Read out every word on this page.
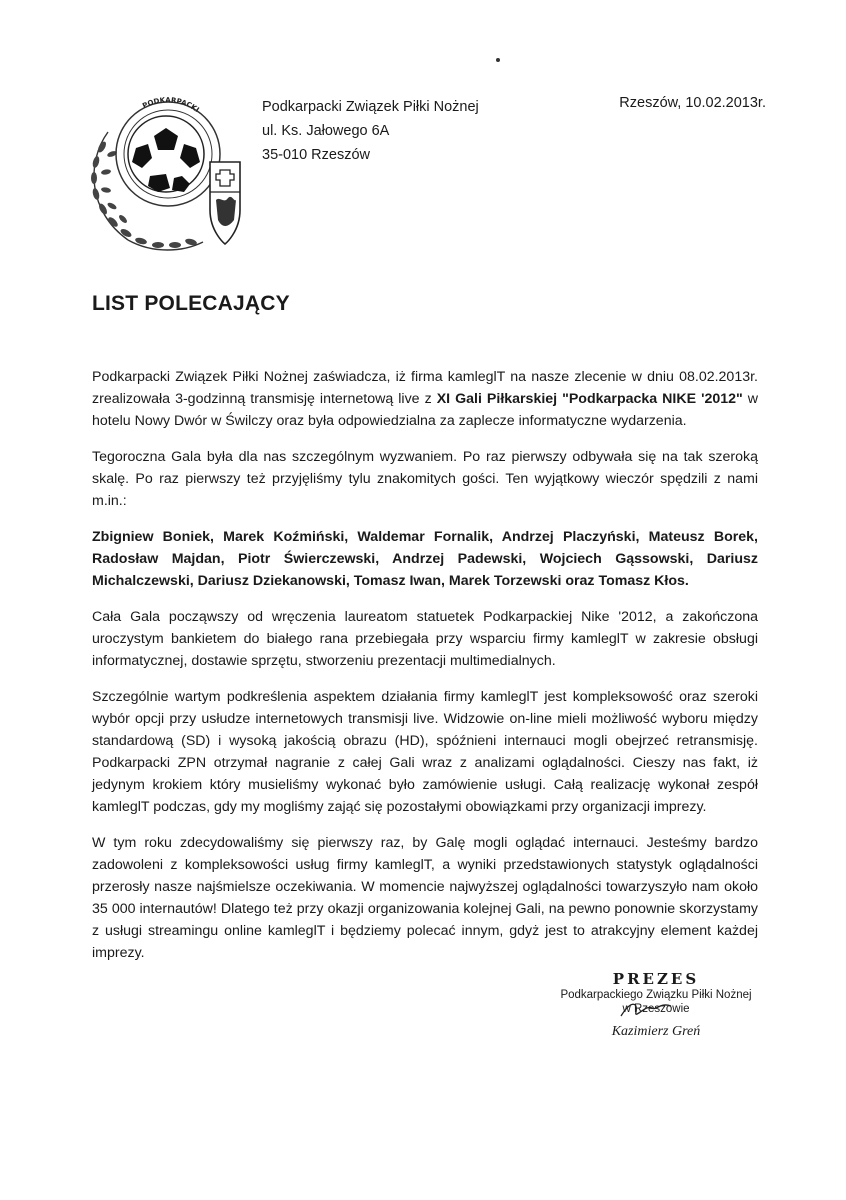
PODKARPACKI	Podkarpacki Związek Piłki Nożnej
ul. Ks. Jałowego 6A
35-010 Rzeszów
Rzeszów, 10.02.2013r.
LIST POLECAJĄCY

Podkarpacki Związek Piłki Nożnej zaświadcza, iż firma kamleglT na nasze zlecenie w dniu 08.02.2013r. zrealizowała 3-godzinną transmisję internetową live z XI Gali Piłkarskiej "Podkarpacka NIKE '2012" w hotelu Nowy Dwór w Świlczy oraz była odpowiedzialna za zaplecze informatyczne wydarzenia.

Tegoroczna Gala była dla nas szczególnym wyzwaniem. Po raz pierwszy odbywała się na tak szeroką skalę. Po raz pierwszy też przyjęliśmy tylu znakomitych gości. Ten wyjątkowy wieczór spędzili z nami m.in.:

Zbigniew Boniek, Marek Koźmiński, Waldemar Fornalik, Andrzej Placzyński, Mateusz Borek, Radosław Majdan, Piotr Świerczewski, Andrzej Padewski, Wojciech Gąssowski, Dariusz Michalczewski, Dariusz Dziekanowski, Tomasz Iwan, Marek Torzewski oraz Tomasz Kłos.

Cała Gala począwszy od wręczenia laureatom statuetek Podkarpackiej Nike '2012, a zakończona uroczystym bankietem do białego rana przebiegała przy wsparciu firmy kamleglT w zakresie obsługi informatycznej, dostawie sprzętu, stworzeniu prezentacji multimedialnych.

Szczególnie wartym podkreślenia aspektem działania firmy kamleglT jest kompleksowość oraz szeroki wybór opcji przy usłudze internetowych transmisji live. Widzowie on-line mieli możliwość wyboru między standardową (SD) i wysoką jakością obrazu (HD), spóźnieni internauci mogli obejrzeć retransmisję. Podkarpacki ZPN otrzymał nagranie z całej Gali wraz z analizami oglądalności. Cieszy nas fakt, iż jedynym krokiem który musieliśmy wykonać było zamówienie usługi. Całą realizację wykonał zespół kamleglT podczas, gdy my mogliśmy zająć się pozostałymi obowiązkami przy organizacji imprezy.

W tym roku zdecydowaliśmy się pierwszy raz, by Galę mogli oglądać internauci. Jesteśmy bardzo zadowoleni z kompleksowości usług firmy kamleglT, a wyniki przedstawionych statystyk oglądalności przerosły nasze najśmielsze oczekiwania. W momencie najwyższej oglądalności towarzyszyło nam około 35 000 internautów! Dlatego też przy okazji organizowania kolejnej Gali, na pewno ponownie skorzystamy z usługi streamingu online kamleglT i będziemy polecać innym, gdyż jest to atrakcyjny element każdej imprezy.

PREZES
Podkarpackiego Związku Piłki Nożnej
w Rzeszowie
Kazimierz Greń
